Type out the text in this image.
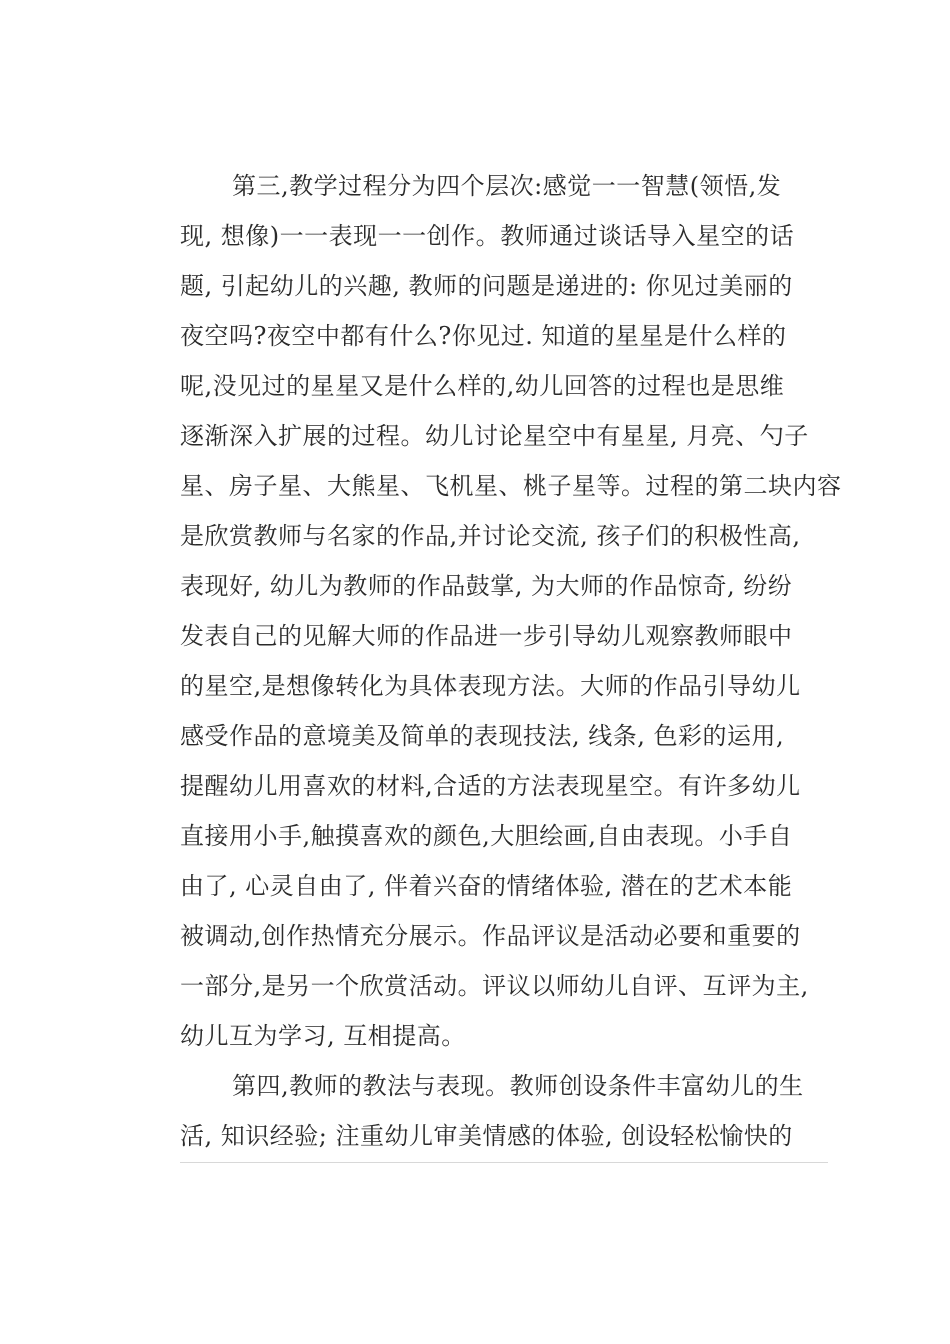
第三,教学过程分为四个层次:感觉一一智慧(领悟,发
现, 想像)一一表现一一创作。教师通过谈话导入星空的话
题, 引起幼儿的兴趣, 教师的问题是递进的: 你见过美丽的
夜空吗?夜空中都有什么?你见过. 知道的星星是什么样的
呢,没见过的星星又是什么样的,幼儿回答的过程也是思维
逐渐深入扩展的过程。幼儿讨论星空中有星星, 月亮、勺子
星、房子星、大熊星、飞机星、桃子星等。过程的第二块内容
是欣赏教师与名家的作品,并讨论交流, 孩子们的积极性高,
表现好, 幼儿为教师的作品鼓掌, 为大师的作品惊奇, 纷纷
发表自己的见解大师的作品进一步引导幼儿观察教师眼中
的星空,是想像转化为具体表现方法。大师的作品引导幼儿
感受作品的意境美及简单的表现技法, 线条, 色彩的运用,
提醒幼儿用喜欢的材料,合适的方法表现星空。有许多幼儿
直接用小手,触摸喜欢的颜色,大胆绘画,自由表现。小手自
由了, 心灵自由了, 伴着兴奋的情绪体验, 潜在的艺术本能
被调动,创作热情充分展示。作品评议是活动必要和重要的
一部分,是另一个欣赏活动。评议以师幼儿自评、互评为主,
幼儿互为学习, 互相提高。
第四,教师的教法与表现。教师创设条件丰富幼儿的生
活, 知识经验; 注重幼儿审美情感的体验, 创设轻松愉快的
